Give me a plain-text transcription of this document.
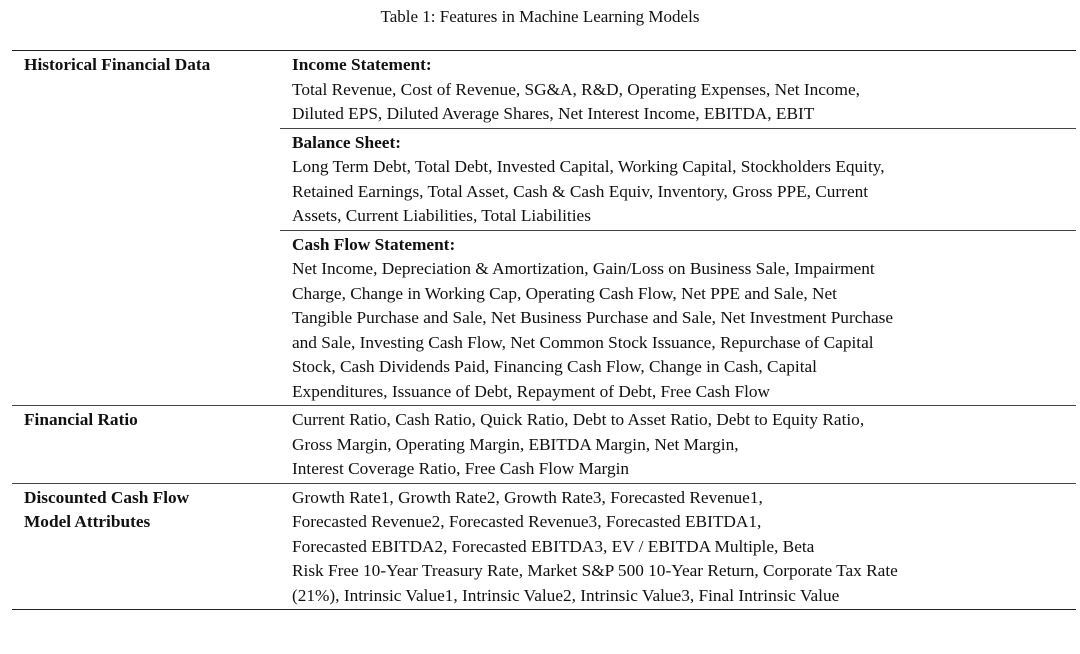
Table 1: Features in Machine Learning Models
Historical Financial Data	Income Statement:
Total Revenue, Cost of Revenue, SG&A, R&D, Operating Expenses, Net Income,
Diluted EPS, Diluted Average Shares, Net Interest Income, EBITDA, EBIT
Balance Sheet:
Long Term Debt, Total Debt, Invested Capital, Working Capital, Stockholders Equity,
Retained Earnings, Total Asset, Cash & Cash Equiv, Inventory, Gross PPE, Current
Assets, Current Liabilities, Total Liabilities
Cash Flow Statement:
Net Income, Depreciation & Amortization, Gain/Loss on Business Sale, Impairment
Charge, Change in Working Cap, Operating Cash Flow, Net PPE and Sale, Net
Tangible Purchase and Sale, Net Business Purchase and Sale, Net Investment Purchase
and Sale, Investing Cash Flow, Net Common Stock Issuance, Repurchase of Capital
Stock, Cash Dividends Paid, Financing Cash Flow, Change in Cash, Capital
Expenditures, Issuance of Debt, Repayment of Debt, Free Cash Flow
Financial Ratio	Current Ratio, Cash Ratio, Quick Ratio, Debt to Asset Ratio, Debt to Equity Ratio,
Gross Margin, Operating Margin, EBITDA Margin, Net Margin,
Interest Coverage Ratio, Free Cash Flow Margin
Discounted Cash Flow
Model Attributes
Growth Rate1, Growth Rate2, Growth Rate3, Forecasted Revenue1,
Forecasted Revenue2, Forecasted Revenue3, Forecasted EBITDA1,
Forecasted EBITDA2, Forecasted EBITDA3, EV / EBITDA Multiple, Beta
Risk Free 10-Year Treasury Rate, Market S&P 500 10-Year Return, Corporate Tax Rate
(21%), Intrinsic Value1, Intrinsic Value2, Intrinsic Value3, Final Intrinsic Value
